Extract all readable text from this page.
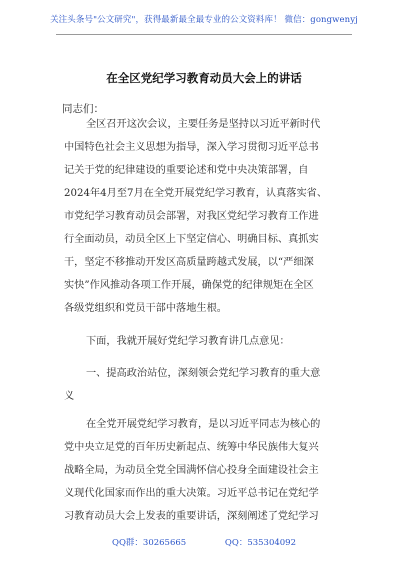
关注头条号"公文研究"，获得最新最全最专业的公文资料库！ 微信：gongwenyj
在全区党纪学习教育动员大会上的讲话
同志们：

全区召开这次会议，主要任务是坚持以习近平新时代
中国特色社会主义思想为指导，深入学习贯彻习近平总书
记关于党的纪律建设的重要论述和党中央决策部署，自
2024年4月至7月在全党开展党纪学习教育，认真落实省、
市党纪学习教育动员会部署，对我区党纪学习教育工作进
行全面动员，动员全区上下坚定信心、明确目标、真抓实
干，坚定不移推动开发区高质量跨越式发展，以“严细深
实快”作风推动各项工作开展，确保党的纪律规矩在全区
各级党组织和党员干部中落地生根。

下面，我就开展好党纪学习教育讲几点意见：

一、提高政治站位，深刻领会党纪学习教育的重大意
义

在全党开展党纪学习教育，是以习近平同志为核心的
党中央立足党的百年历史新起点、统筹中华民族伟大复兴
战略全局，为动员全党全国满怀信心投身全面建设社会主
义现代化国家而作出的重大决策。习近平总书记在党纪学
习教育动员大会上发表的重要讲话，深刻阐述了党纪学习

QQ群：30265665	QQ：535304092
